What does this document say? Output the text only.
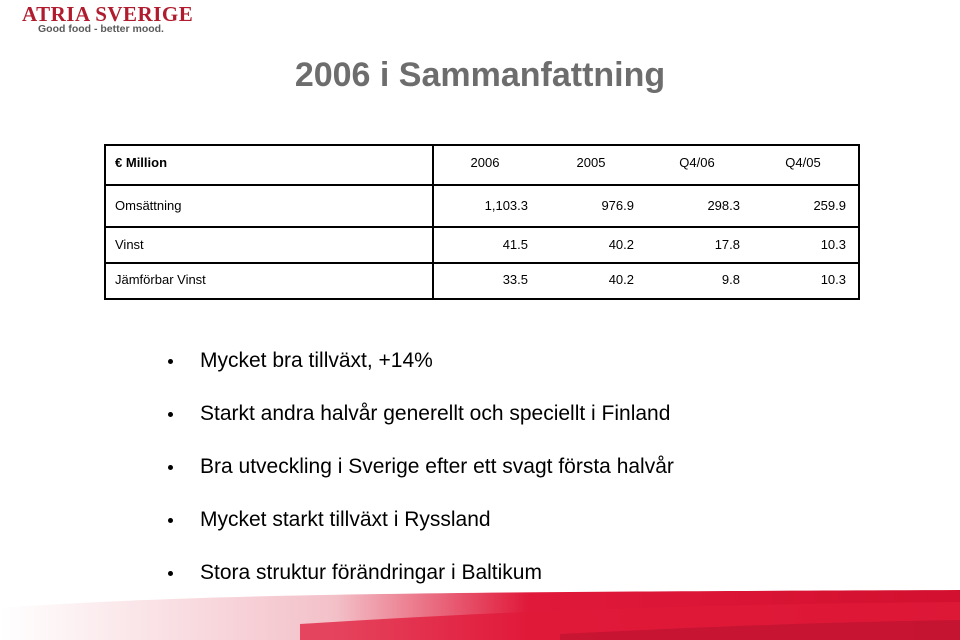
ATRIA SVERIGE
Good food - better mood.
2006 i Sammanfattning
€ Million	2006	2005	Q4/06	Q4/05
Omsättning	1,103.3	976.9	298.3	259.9
Vinst	41.5	40.2	17.8	10.3
Jämförbar Vinst	33.5	40.2	9.8	10.3
Mycket bra tillväxt, +14%
Starkt andra halvår generellt och speciellt i Finland
Bra utveckling i Sverige efter ett svagt första halvår
Mycket starkt tillväxt i Ryssland
Stora struktur förändringar i Baltikum
